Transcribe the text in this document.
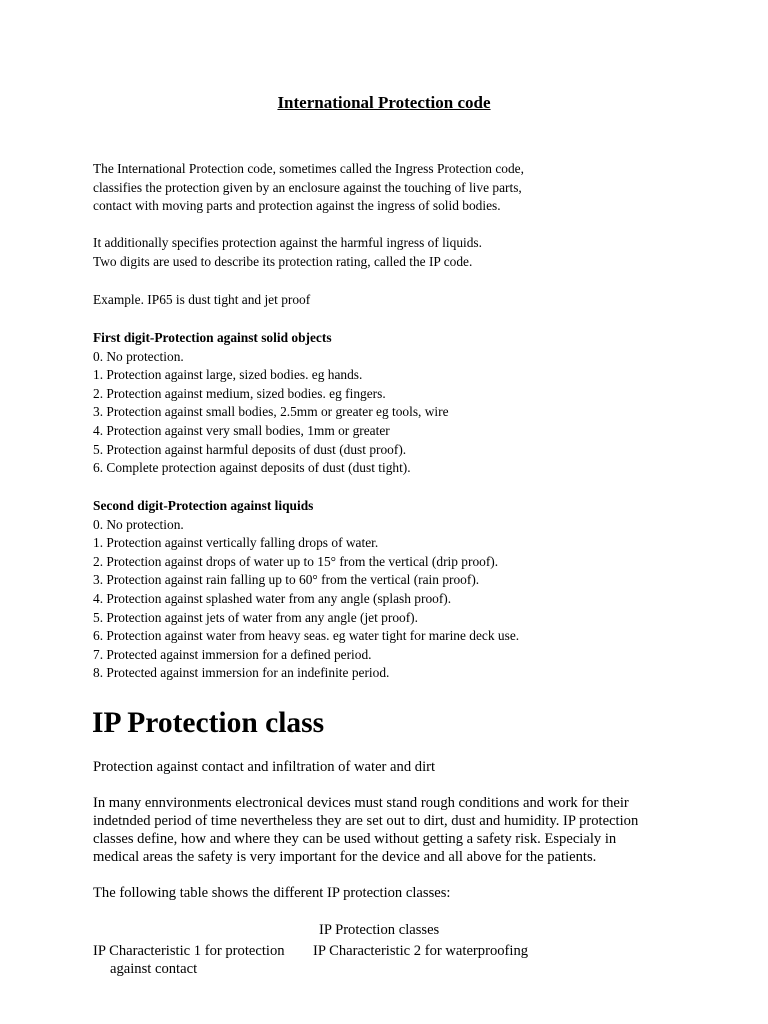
International Protection code
The International Protection code, sometimes called the Ingress Protection code,
classifies the protection given by an enclosure against the touching of live parts,
contact with moving parts and protection against the ingress of solid bodies.
It additionally specifies protection against the harmful ingress of liquids.
Two digits are used to describe its protection rating, called the IP code.
Example. IP65 is dust tight and jet proof
First digit-Protection against solid objects
0. No protection.
1. Protection against large, sized bodies. eg hands.
2. Protection against medium, sized bodies. eg fingers.
3. Protection against small bodies, 2.5mm or greater eg tools, wire
4. Protection against very small bodies, 1mm or greater
5. Protection against harmful deposits of dust (dust proof).
6. Complete protection against deposits of dust (dust tight).
Second digit-Protection against liquids
0. No protection.
1. Protection against vertically falling drops of water.
2. Protection against drops of water up to 15° from the vertical (drip proof).
3. Protection against rain falling up to 60° from the vertical (rain proof).
4. Protection against splashed water from any angle (splash proof).
5. Protection against jets of water from any angle (jet proof).
6. Protection against water from heavy seas. eg water tight for marine deck use.
7. Protected against immersion for a defined period.
8. Protected against immersion for an indefinite period.
IP Protection class
Protection against contact and infiltration of water and dirt
In many ennvironments electronical devices must stand rough conditions and work for their
indetnded period of time nevertheless they are set out to dirt, dust and humidity. IP protection
classes define, how and where they can be used without getting a safety risk. Especialy in
medical areas the safety is very important for the device and all above for the patients.
The following table shows the different IP protection classes:
IP Protection classes
IP Characteristic 1 for protection
against contact
IP Characteristic 2 for waterproofing
